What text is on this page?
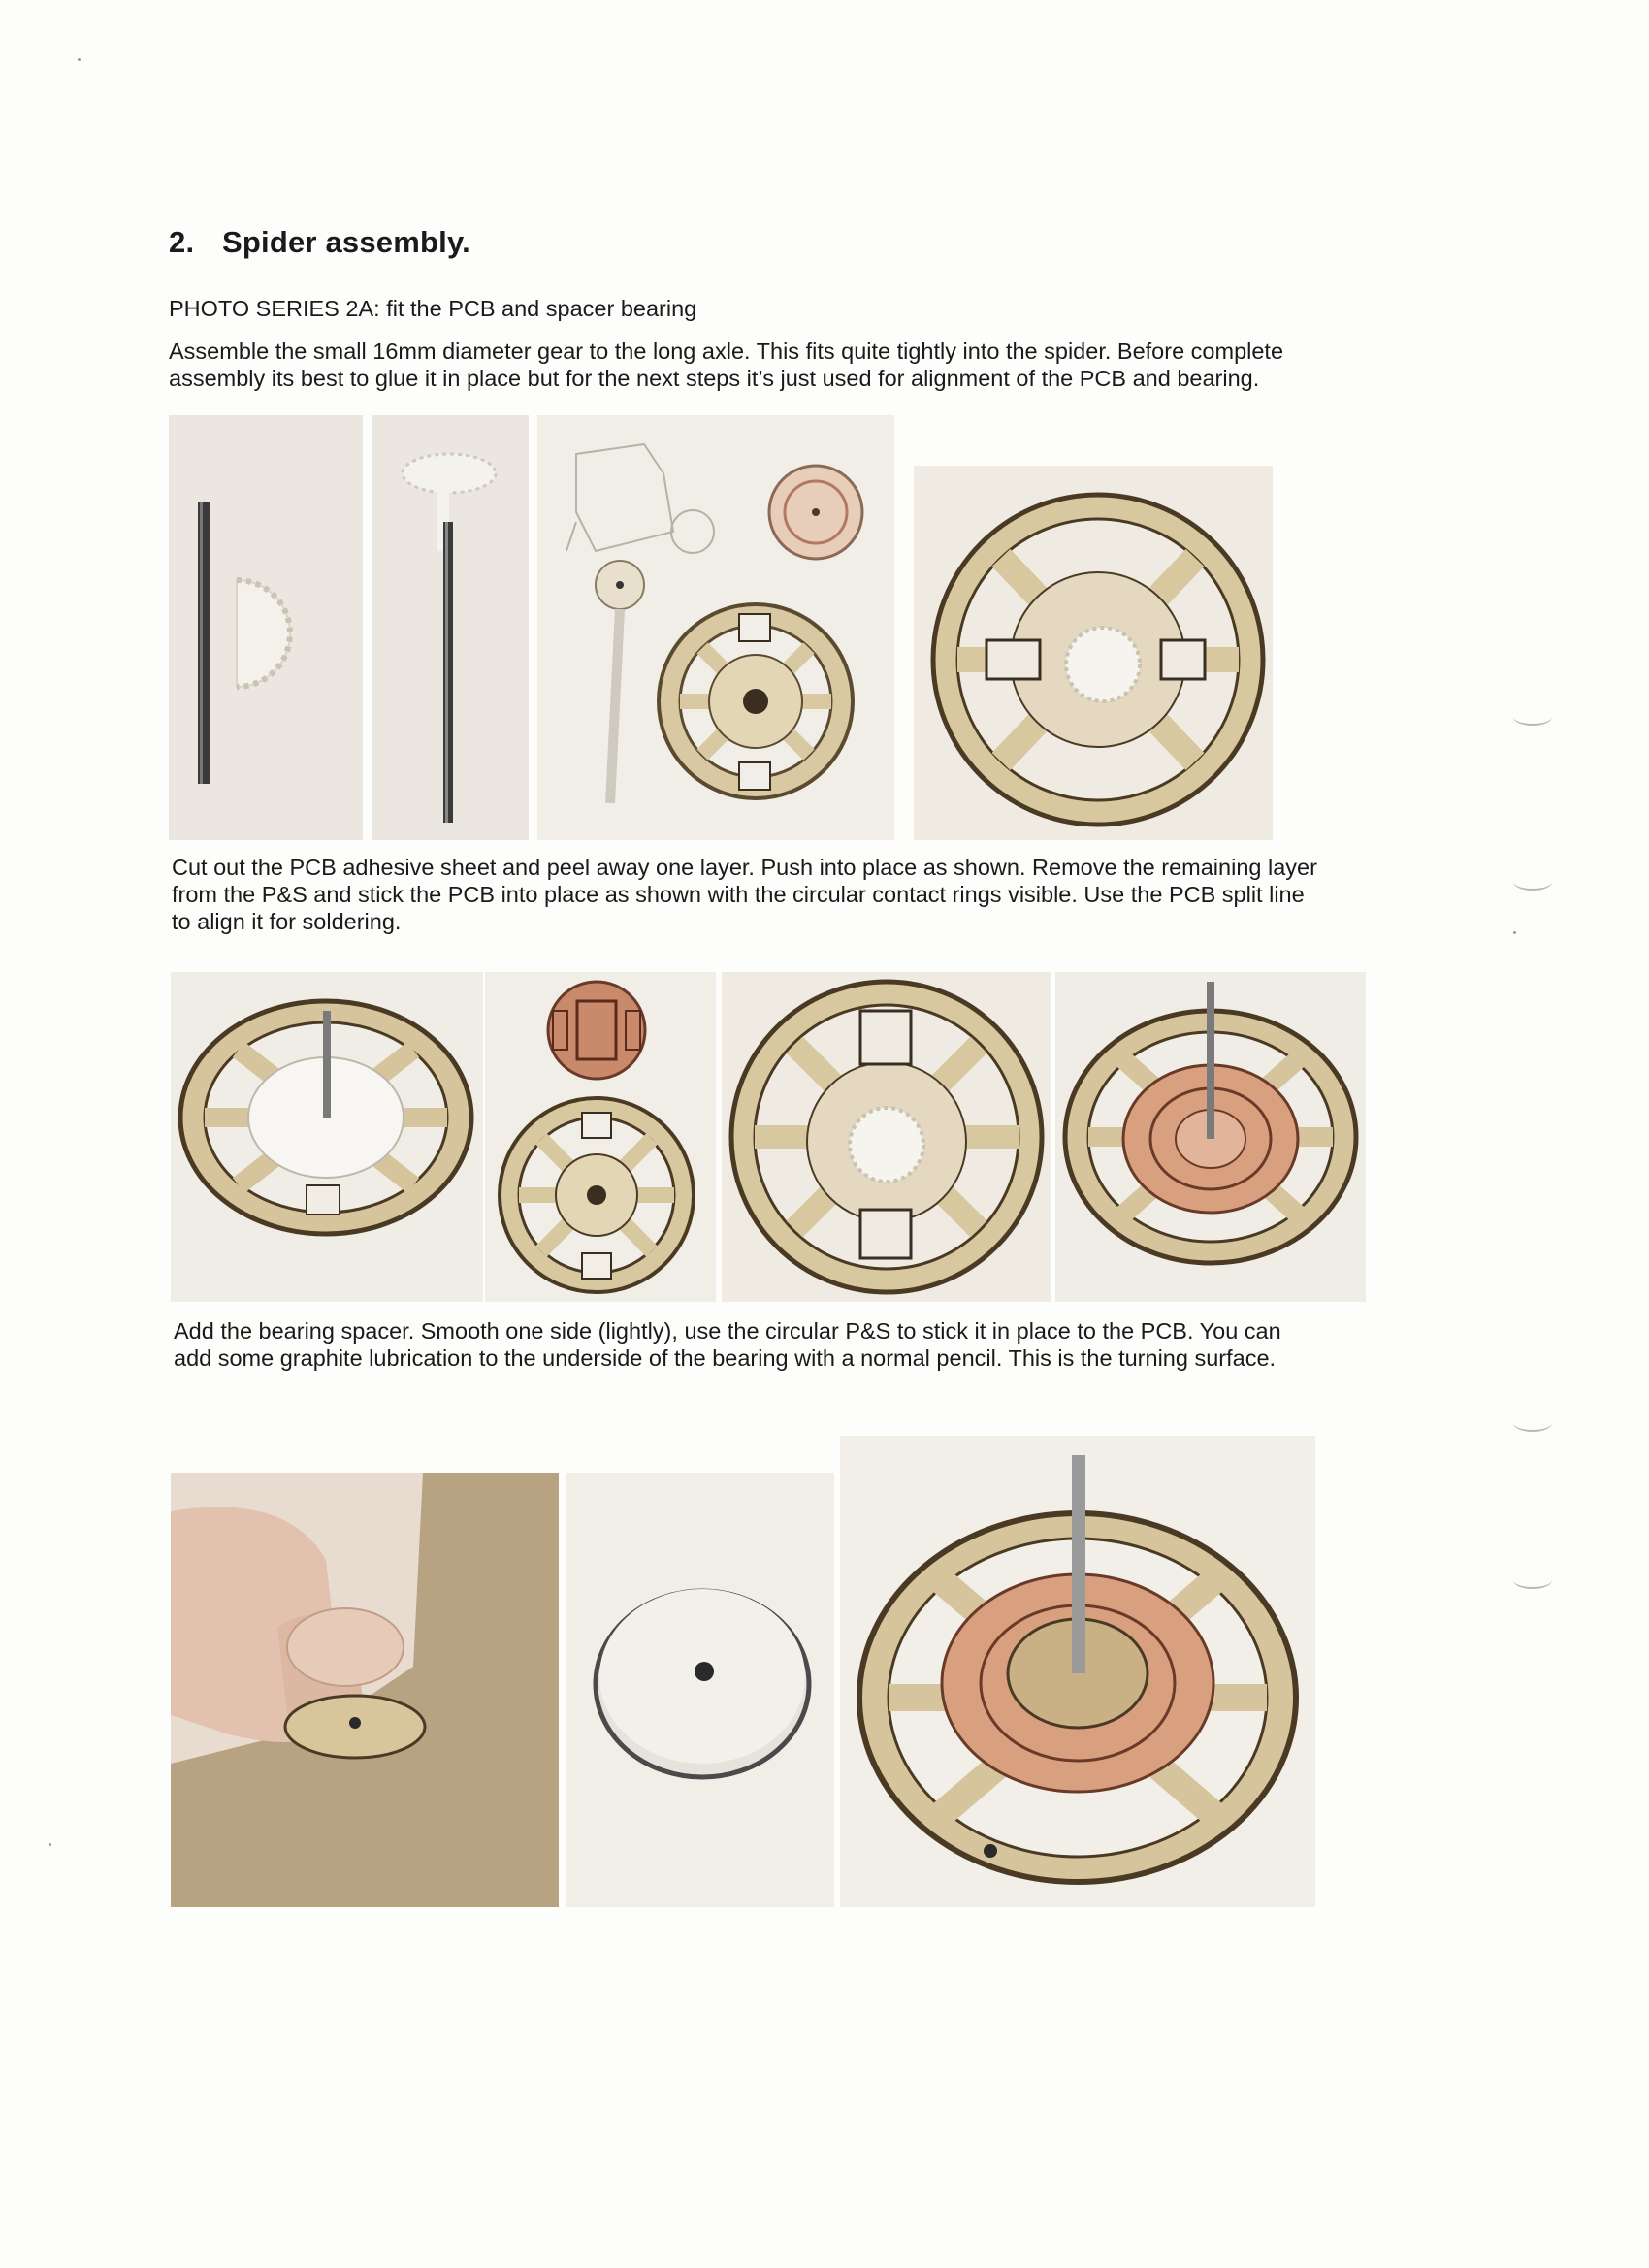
2. Spider assembly.
PHOTO SERIES 2A: fit the PCB and spacer bearing
Assemble the small 16mm diameter gear to the long axle. This fits quite tightly into the spider. Before complete
assembly its best to glue it in place but for the next steps it’s just used for alignment of the PCB and bearing.
Cut out the PCB adhesive sheet and peel away one layer. Push into place as shown. Remove the remaining layer
from the P&S and stick the PCB into place as shown with the circular contact rings visible. Use the PCB split line
to align it for soldering.
Add the bearing spacer. Smooth one side (lightly), use the circular P&S to stick it in place to the PCB. You can
add some graphite lubrication to the underside of the bearing with a normal pencil. This is the turning surface.
